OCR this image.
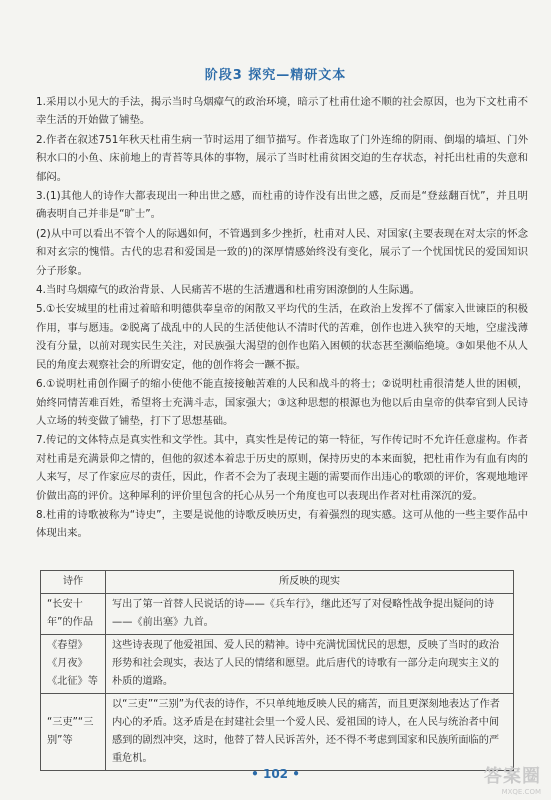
阶段3 探究—精研文本

1.采用以小见大的手法，揭示当时乌烟瘴气的政治环境，暗示了杜甫仕途不顺的社会原因，也为下文杜甫不幸生活的开始做了铺垫。

2.作者在叙述751年秋天杜甫生病一节时运用了细节描写。作者选取了门外连绵的阴雨、倒塌的墙垣、门外积水口的小鱼、床前地上的青苔等具体的事物，展示了当时杜甫贫困交迫的生存状态，衬托出杜甫的失意和郁闷。

3.(1)其他人的诗作大都表现出一种出世之感，而杜甫的诗作没有出世之感，反而是“登兹翻百忧”，并且明确表明自己并非是“旷士”。

(2)从中可以看出不管个人的际遇如何，不管遇到多少挫折，杜甫对人民、对国家(主要表现在对太宗的怀念和对玄宗的愧惜。古代的忠君和爱国是一致的)的深厚情感始终没有变化，展示了一个忧国忧民的爱国知识分子形象。

4.当时乌烟瘴气的政治背景、人民痛苦不堪的生活遭遇和杜甫穷困潦倒的人生际遇。

5.①长安城里的杜甫过着暗和明德供奉皇帝的闲散又平均代的生活，在政治上发挥不了儒家入世谏臣的积极作用，事与愿违。②脱离了战乱中的人民的生活使他认不清时代的苦难，创作也进入狭窄的天地，空虚浅薄没有分量，以前对现实民生关注，对民族强大渴望的创作也陷入困顿的状态甚至濒临绝境。③如果他不从人民的角度去观察社会的所谓安定，他的创作将会一蹶不振。

6.①说明杜甫创作圈子的缩小使他不能直接接触苦难的人民和战斗的将士；②说明杜甫很清楚人世的困顿，始终同情苦难百姓，希望将士充满斗志，国家强大；③这种思想的根源也为他以后由皇帝的供奉官到人民诗人立场的转变做了铺垫，打下了思想基础。

7.传记的文体特点是真实性和文学性。其中，真实性是传记的第一特征，写作传记时不允许任意虚构。作者对杜甫是充满景仰之情的，但他的叙述本着忠于历史的原则，保持历史的本来面貌，把杜甫作为有血有肉的人来写，尽了作家应尽的责任，因此，作者不会为了表现主题的需要而作出违心的歌颂的评价，客观地地评价做出高的评价。这种犀利的评价里包含的托心从另一个角度也可以表现出作者对杜甫深沉的爱。

8.杜甫的诗歌被称为“诗史”，主要是说他的诗歌反映历史，有着强烈的现实感。这可从他的一些主要作品中体现出来。

诗作	所反映的现实
“长安十年”的作品	写出了第一首替人民说话的诗——《兵车行》，继此还写了对侵略性战争提出疑问的诗——《前出塞》九首。
《春望》《月夜》《北征》等	这些诗表现了他爱祖国、爱人民的精神。诗中充满忧国忧民的思想，反映了当时的政治形势和社会现实，表达了人民的情绪和愿望。此后唐代的诗歌有一部分走向现实主义的朴质的道路。
“三吏”“三别”等	以“三吏”“三别”为代表的诗作，不只单纯地反映人民的痛苦，而且更深刻地表达了作者内心的矛盾。这矛盾是在封建社会里一个爱人民、爱祖国的诗人，在人民与统治者中间感到的剧烈冲突，这时，他替了替人民诉苦外，还不得不考虑到国家和民族所面临的严重危机。
• 102 •	答案圈
MXQE.COM
